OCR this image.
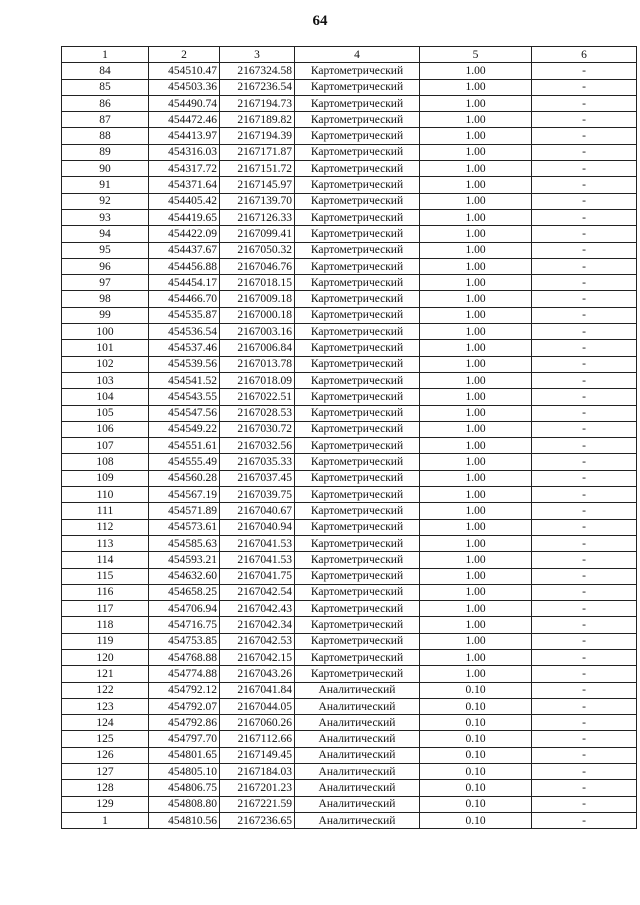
64
1	2	3	4	5	6
84	454510.47	2167324.58	Картометрический	1.00	-
85	454503.36	2167236.54	Картометрический	1.00	-
86	454490.74	2167194.73	Картометрический	1.00	-
87	454472.46	2167189.82	Картометрический	1.00	-
88	454413.97	2167194.39	Картометрический	1.00	-
89	454316.03	2167171.87	Картометрический	1.00	-
90	454317.72	2167151.72	Картометрический	1.00	-
91	454371.64	2167145.97	Картометрический	1.00	-
92	454405.42	2167139.70	Картометрический	1.00	-
93	454419.65	2167126.33	Картометрический	1.00	-
94	454422.09	2167099.41	Картометрический	1.00	-
95	454437.67	2167050.32	Картометрический	1.00	-
96	454456.88	2167046.76	Картометрический	1.00	-
97	454454.17	2167018.15	Картометрический	1.00	-
98	454466.70	2167009.18	Картометрический	1.00	-
99	454535.87	2167000.18	Картометрический	1.00	-
100	454536.54	2167003.16	Картометрический	1.00	-
101	454537.46	2167006.84	Картометрический	1.00	-
102	454539.56	2167013.78	Картометрический	1.00	-
103	454541.52	2167018.09	Картометрический	1.00	-
104	454543.55	2167022.51	Картометрический	1.00	-
105	454547.56	2167028.53	Картометрический	1.00	-
106	454549.22	2167030.72	Картометрический	1.00	-
107	454551.61	2167032.56	Картометрический	1.00	-
108	454555.49	2167035.33	Картометрический	1.00	-
109	454560.28	2167037.45	Картометрический	1.00	-
110	454567.19	2167039.75	Картометрический	1.00	-
111	454571.89	2167040.67	Картометрический	1.00	-
112	454573.61	2167040.94	Картометрический	1.00	-
113	454585.63	2167041.53	Картометрический	1.00	-
114	454593.21	2167041.53	Картометрический	1.00	-
115	454632.60	2167041.75	Картометрический	1.00	-
116	454658.25	2167042.54	Картометрический	1.00	-
117	454706.94	2167042.43	Картометрический	1.00	-
118	454716.75	2167042.34	Картометрический	1.00	-
119	454753.85	2167042.53	Картометрический	1.00	-
120	454768.88	2167042.15	Картометрический	1.00	-
121	454774.88	2167043.26	Картометрический	1.00	-
122	454792.12	2167041.84	Аналитический	0.10	-
123	454792.07	2167044.05	Аналитический	0.10	-
124	454792.86	2167060.26	Аналитический	0.10	-
125	454797.70	2167112.66	Аналитический	0.10	-
126	454801.65	2167149.45	Аналитический	0.10	-
127	454805.10	2167184.03	Аналитический	0.10	-
128	454806.75	2167201.23	Аналитический	0.10	-
129	454808.80	2167221.59	Аналитический	0.10	-
1	454810.56	2167236.65	Аналитический	0.10	-
